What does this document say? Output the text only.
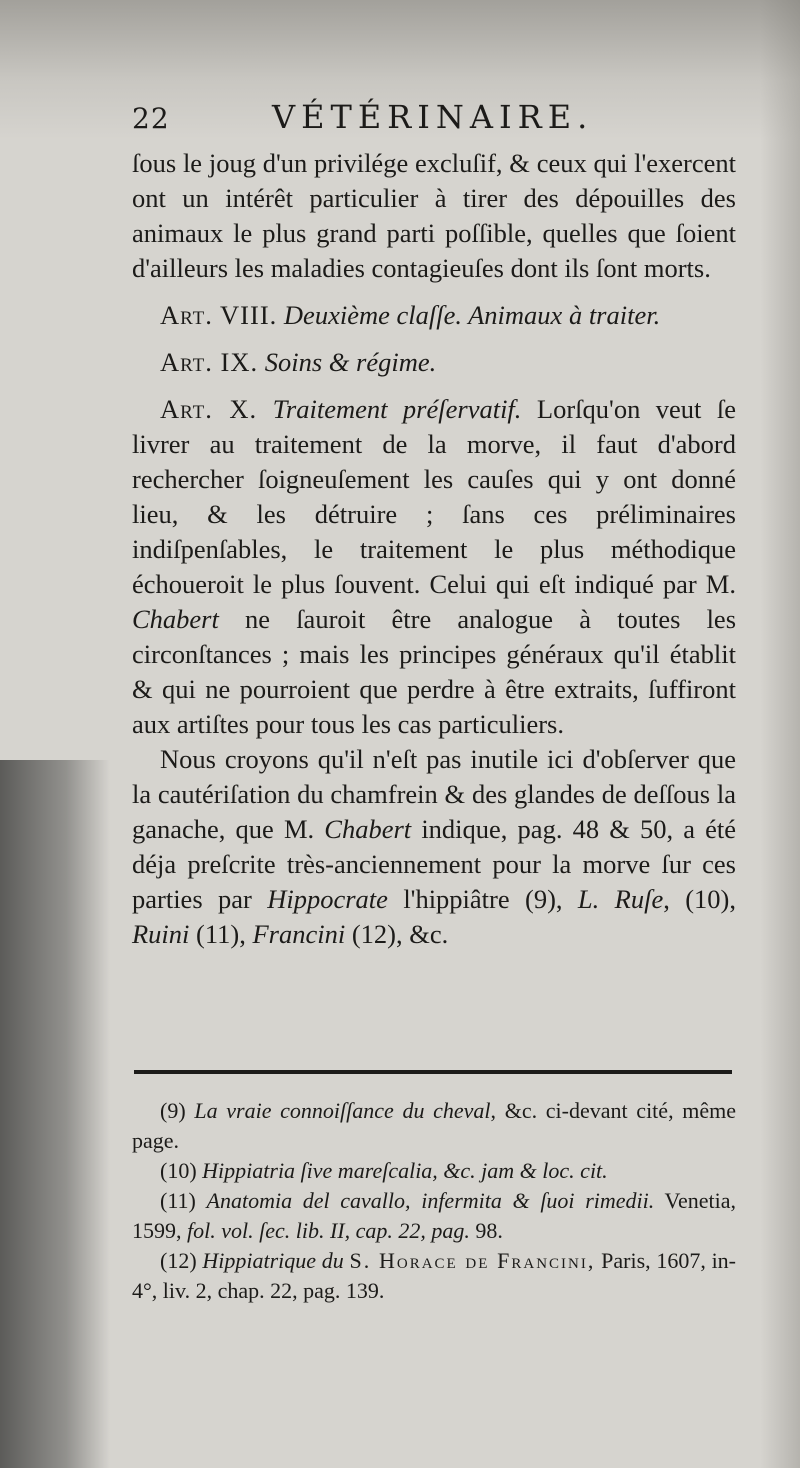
22	VÉTÉRINAIRE.

ſous le joug d'un privilége excluſif, & ceux qui l'exercent ont un intérêt particulier à tirer des dépouilles des animaux le plus grand parti poſſible, quelles que ſoient d'ailleurs les maladies contagieuſes dont ils ſont morts.

Art. VIII. Deuxième claſſe. Animaux à traiter.

Art. IX. Soins & régime.

Art. X. Traitement préſervatif. Lorſqu'on veut ſe livrer au traitement de la morve, il faut d'abord rechercher ſoigneuſement les cauſes qui y ont donné lieu, & les détruire ; ſans ces préliminaires indiſpenſables, le traitement le plus méthodique échoueroit le plus ſouvent. Celui qui eſt indiqué par M. Chabert ne ſauroit être analogue à toutes les circonſtances ; mais les principes généraux qu'il établit & qui ne pourroient que perdre à être extraits, ſuffiront aux artiſtes pour tous les cas particuliers.

Nous croyons qu'il n'eſt pas inutile ici d'obſerver que la cautériſation du chamfrein & des glandes de deſſous la ganache, que M. Chabert indique, pag. 48 & 50, a été déja preſcrite très-anciennement pour la morve ſur ces parties par Hippocrate l'hippiâtre (9), L. Ruſe, (10), Ruini (11), Francini (12), &c.

(9) La vraie connoiſſance du cheval, &c. ci-devant cité, même page.

(10) Hippiatria ſive mareſcalia, &c. jam & loc. cit.

(11) Anatomia del cavallo, infermita & ſuoi rimedii. Venetia, 1599, fol. vol. ſec. lib. II, cap. 22, pag. 98.

(12) Hippiatrique du S. Horace de Francini, Paris, 1607, in-4°, liv. 2, chap. 22, pag. 139.
